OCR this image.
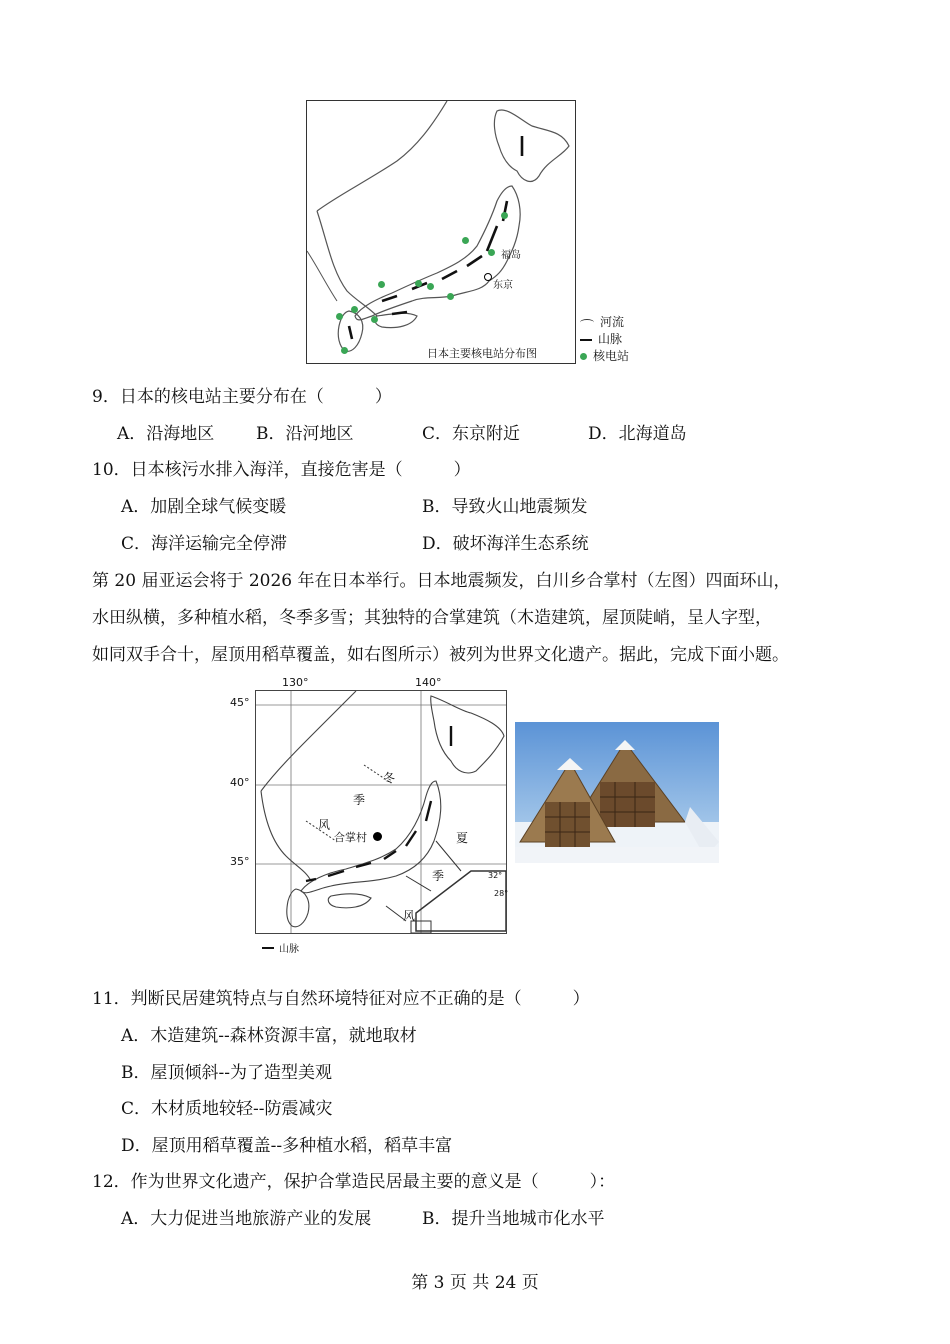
福岛
东京
日本主要核电站分布图
河流
山脉
核电站
9．日本的核电站主要分布在（　　　）
A．沿海地区 B．沿河地区	C．东京附近	D．北海道岛
10．日本核污水排入海洋，直接危害是（　　　）
A．加剧全球气候变暖	B．导致火山地震频发
C．海洋运输完全停滞	D．破坏海洋生态系统
第 20 届亚运会将于 2026 年在日本举行。日本地震频发，白川乡合掌村（左图）四面环山，
水田纵横，多种植水稻，冬季多雪；其独特的合掌建筑（木造建筑，屋顶陡峭，呈人字型，
如同双手合十，屋顶用稻草覆盖，如右图所示）被列为世界文化遗产。据此，完成下面小题。
130°	140°
45°
40°
35°
合掌村
冬
季
风
夏
季
风
32°
28°
山脉
11．判断民居建筑特点与自然环境特征对应不正确的是（　　　）
A．木造建筑--森林资源丰富，就地取材
B．屋顶倾斜--为了造型美观
C．木材质地较轻--防震减灾
D．屋顶用稻草覆盖--多种植水稻，稻草丰富
12．作为世界文化遗产，保护合掌造民居最主要的意义是（　　　）：
A．大力促进当地旅游产业的发展	B．提升当地城市化水平
第 3 页 共 24 页
